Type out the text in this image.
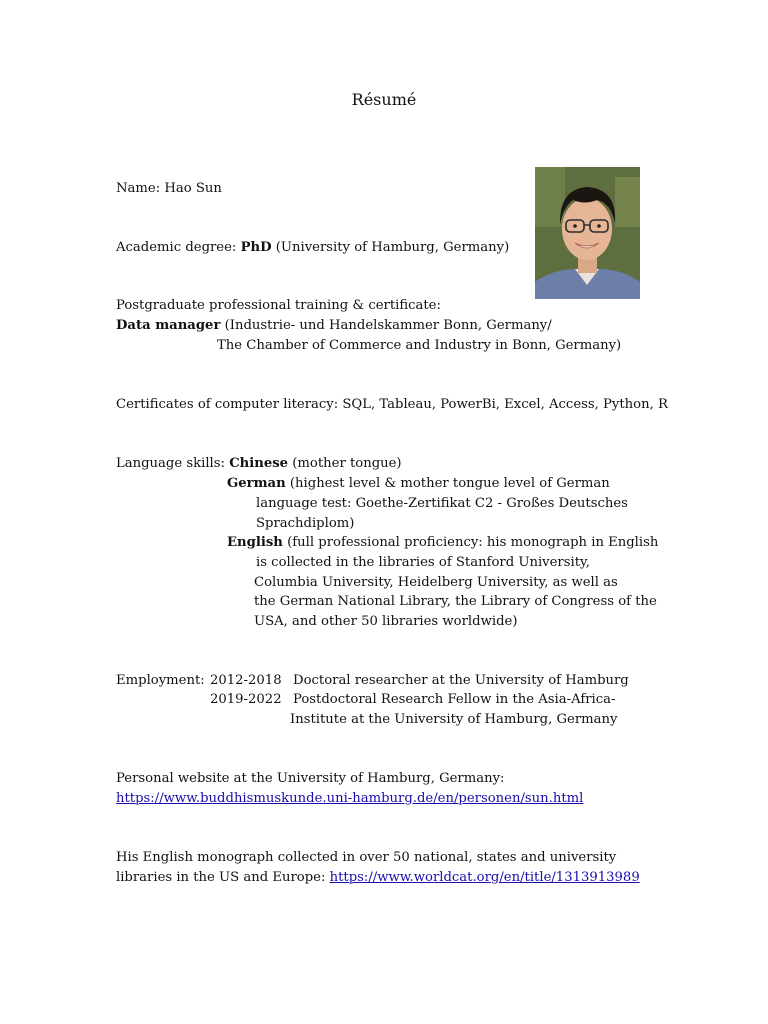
Résumé
Name: Hao Sun
Academic degree: PhD (University of Hamburg, Germany)
Postgraduate professional training & certificate:
Data manager (Industrie- und Handelskammer Bonn, Germany/
The Chamber of Commerce and Industry in Bonn, Germany)
Certificates of computer literacy: SQL, Tableau, PowerBi, Excel, Access, Python, R
Language skills: Chinese (mother tongue)
German (highest level & mother tongue level of German
language test: Goethe-Zertifikat C2 - Großes Deutsches
Sprachdiplom)
English (full professional proficiency: his monograph in English
is collected in the libraries of Stanford University,
Columbia University, Heidelberg University, as well as
the German National Library, the Library of Congress of the
USA, and other 50 libraries worldwide)
Employment: 2012-2018 Doctoral researcher at the University of Hamburg
2019-2022 Postdoctoral Research Fellow in the Asia-Africa-
Institute at the University of Hamburg, Germany
Personal website at the University of Hamburg, Germany:
https://www.buddhismuskunde.uni-hamburg.de/en/personen/sun.html
His English monograph collected in over 50 national, states and university
libraries in the US and Europe: https://www.worldcat.org/en/title/1313913989
